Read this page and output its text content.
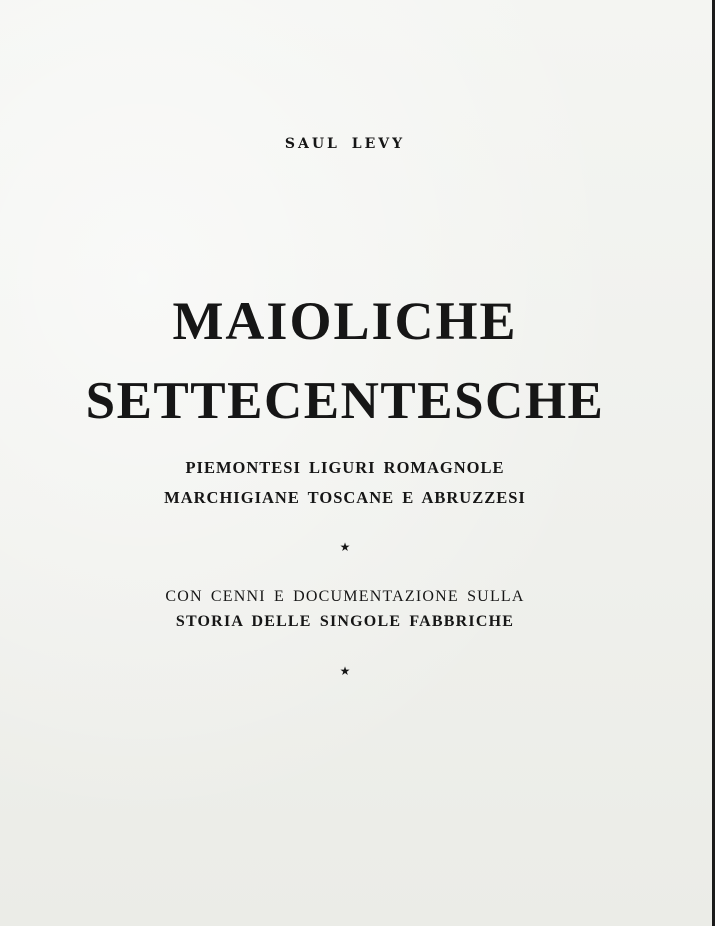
SAUL LEVY
MAIOLICHE
SETTECENTESCHE
PIEMONTESI LIGURI ROMAGNOLE
MARCHIGIANE TOSCANE E ABRUZZESI
★
CON CENNI E DOCUMENTAZIONE SULLA
STORIA DELLE SINGOLE FABBRICHE
★
